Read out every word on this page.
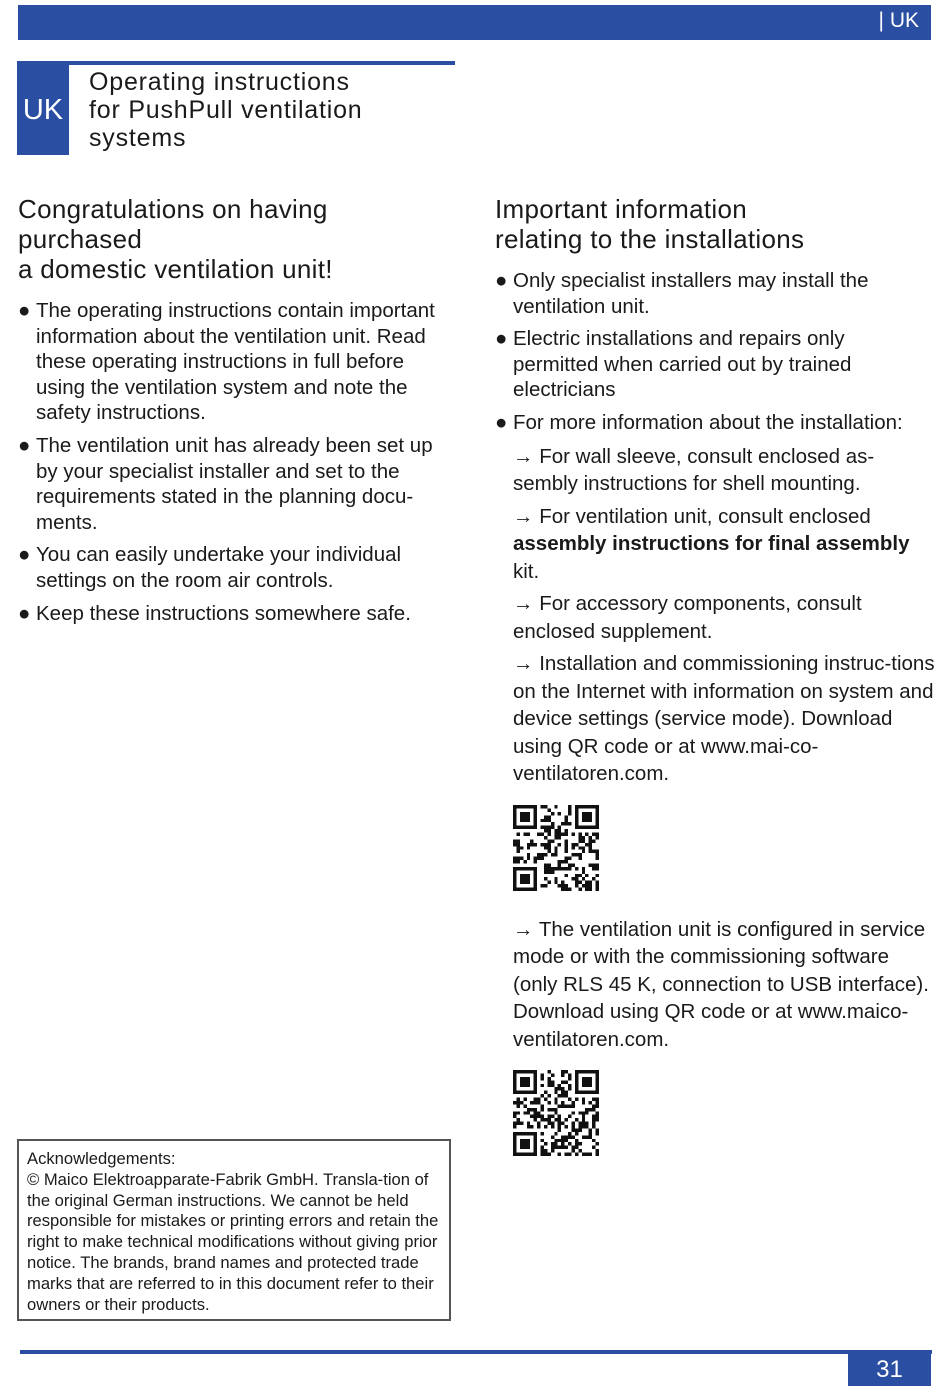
| UK
UK
Operating instructions
for PushPull ventilation
systems
Congratulations on having purchased
a domestic ventilation unit!
● The operating instructions contain important information about the ventilation unit. Read these operating instructions in full before using the ventilation system and note the safety instructions.
● The ventilation unit has already been set up by your specialist installer and set to the requirements stated in the planning docu-ments.
● You can easily undertake your individual settings on the room air controls.
● Keep these instructions somewhere safe.
Acknowledgements:
© Maico Elektroapparate-Fabrik GmbH. Transla-tion of the original German instructions. We cannot be held responsible for mistakes or printing errors and retain the right to make technical modifications without giving prior notice. The brands, brand names and protected trade marks that are referred to in this document refer to their owners or their products.
Important information
relating to the installations
● Only specialist installers may install the ventilation unit.
● Electric installations and repairs only permitted when carried out by trained electricians
● For more information about the installation:
→ For wall sleeve, consult enclosed as-sembly instructions for shell mounting.
→ For ventilation unit, consult enclosed assembly instructions for final assembly kit.
→ For accessory components, consult enclosed supplement.
→ Installation and commissioning instruc-tions on the Internet with information on system and device settings (service mode). Download using QR code or at www.mai-co-ventilatoren.com.
→ The ventilation unit is configured in service mode or with the commissioning software (only RLS 45 K, connection to USB interface). Download using QR code or at www.maico-ventilatoren.com.
31
